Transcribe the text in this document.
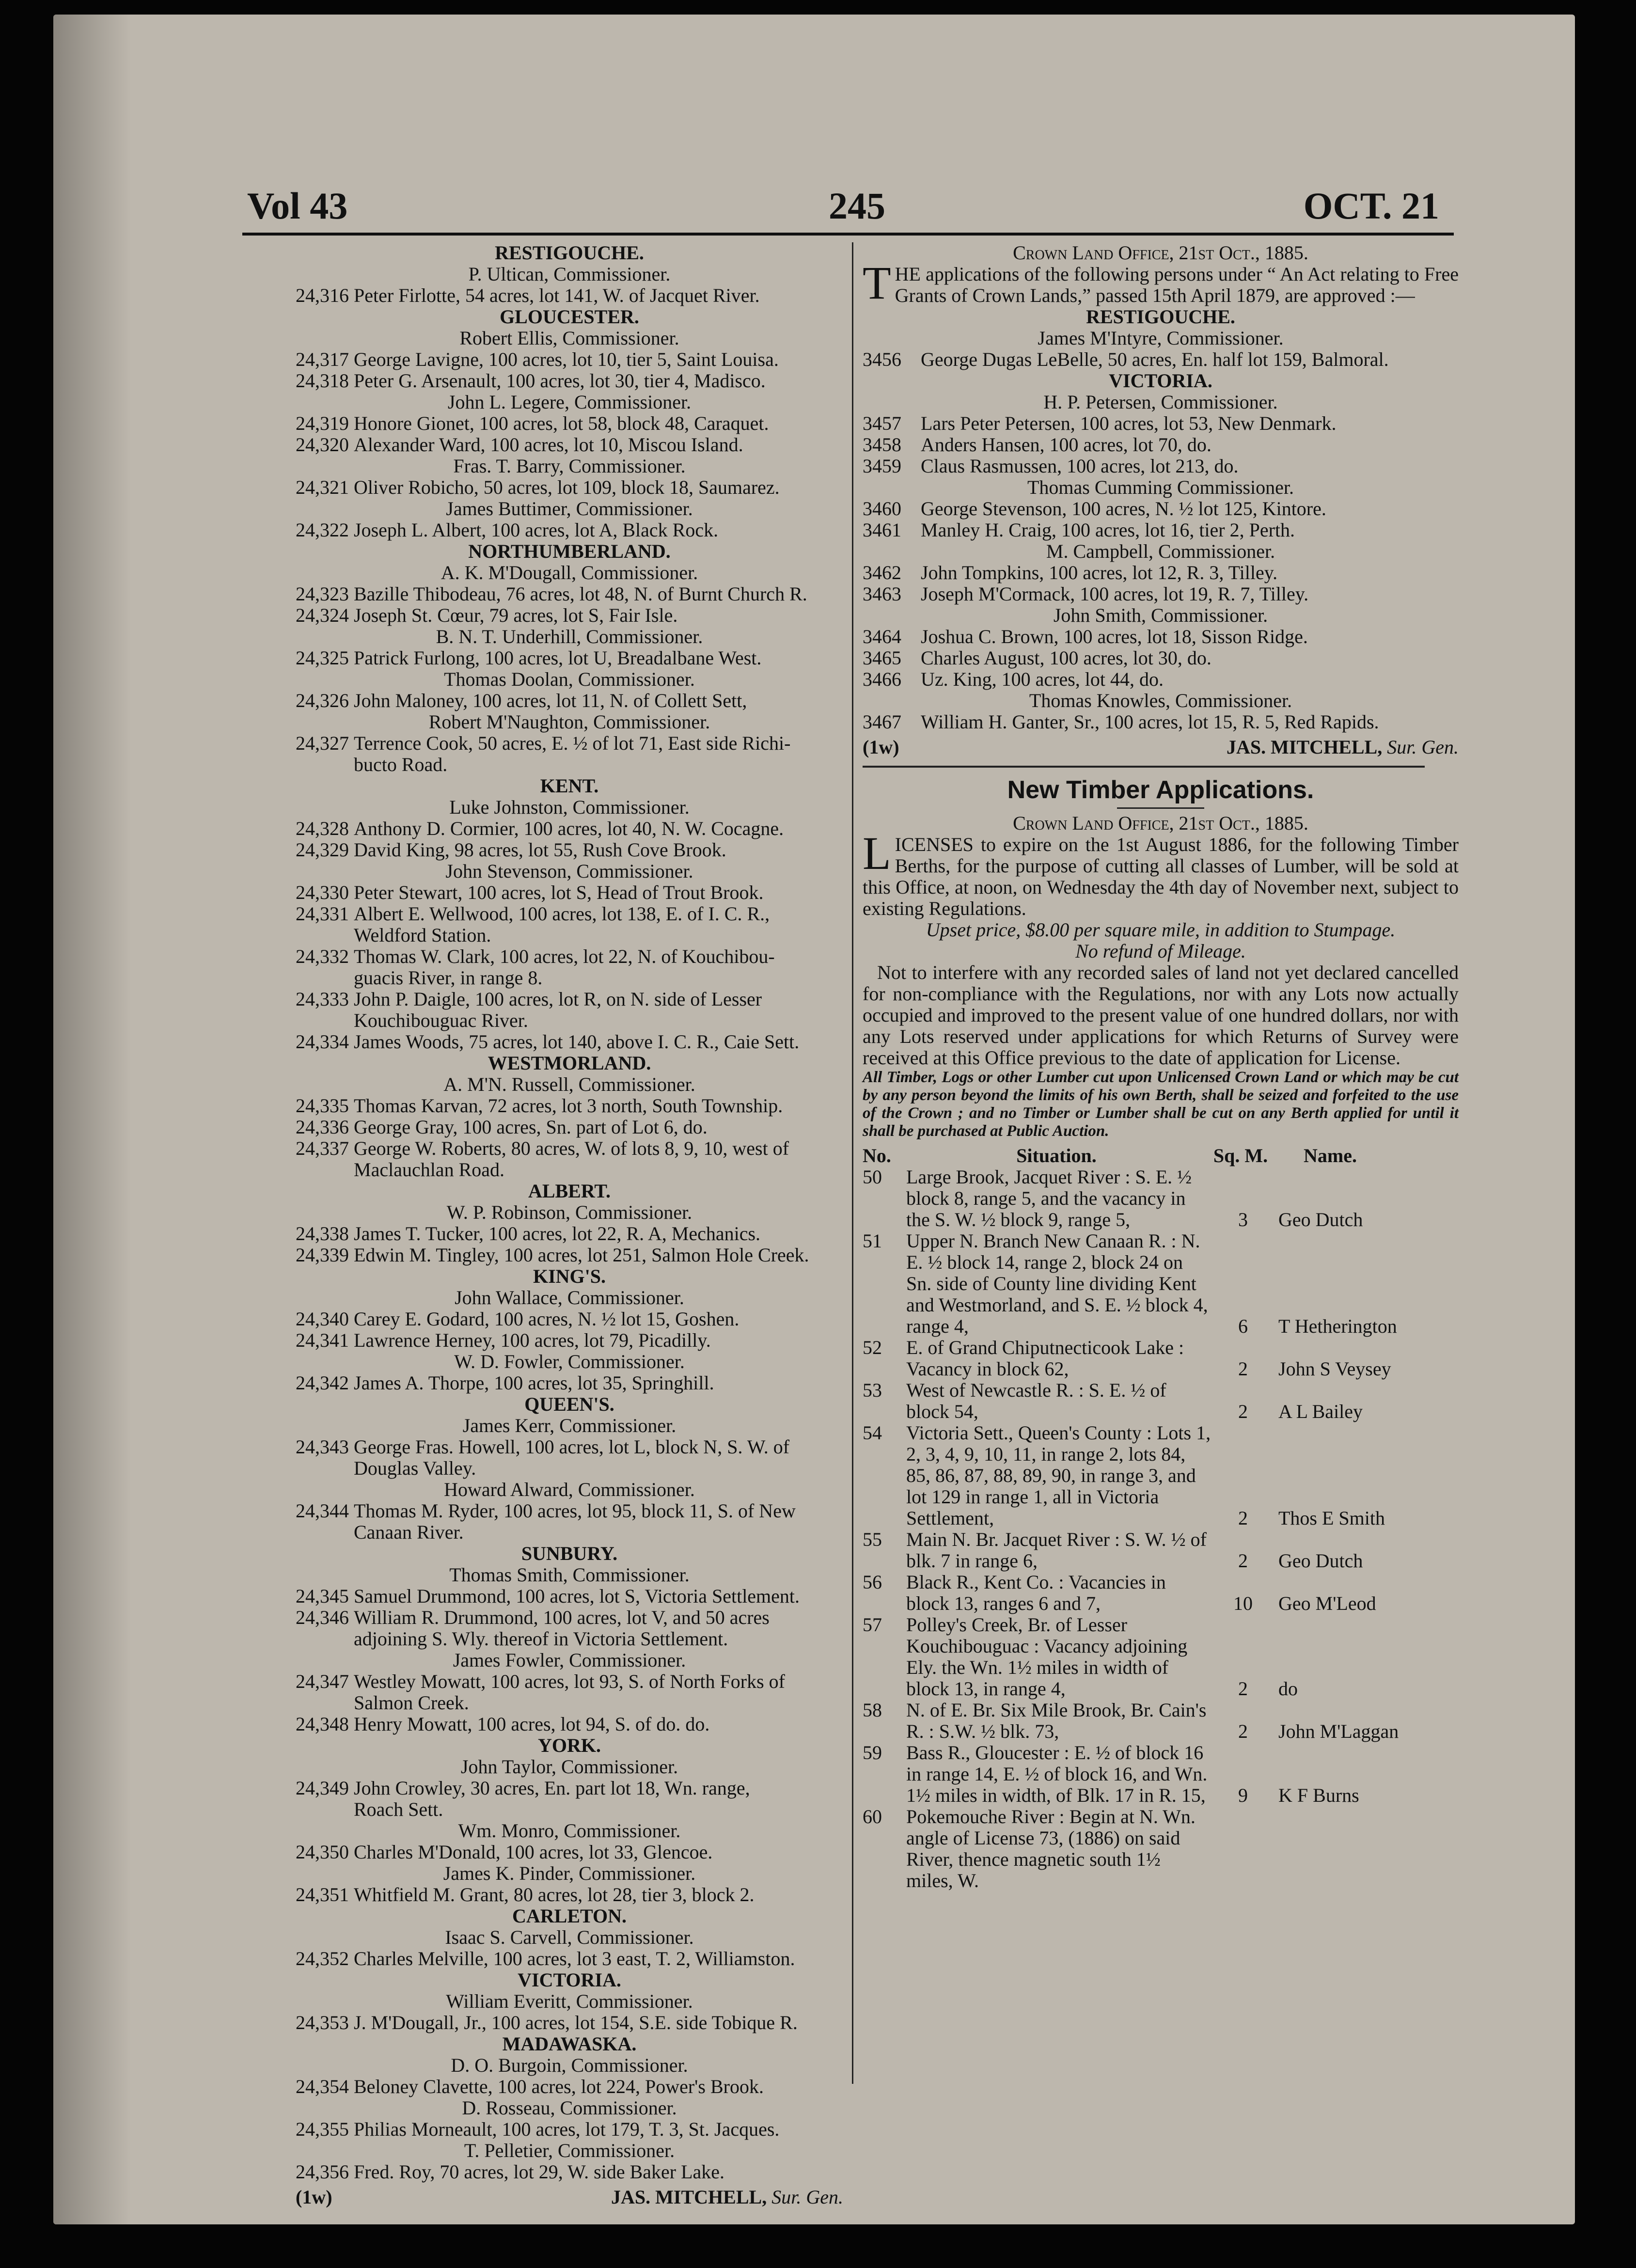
Vol 43	245	OCT. 21
RESTIGOUCHE.
P. Ultican, Commissioner.
24,316 Peter Firlotte, 54 acres, lot 141, W. of Jacquet River.
GLOUCESTER.
Robert Ellis, Commissioner.
24,317 George Lavigne, 100 acres, lot 10, tier 5, Saint Louisa.
24,318 Peter G. Arsenault, 100 acres, lot 30, tier 4, Madisco.
John L. Legere, Commissioner.
24,319 Honore Gionet, 100 acres, lot 58, block 48, Caraquet.
24,320 Alexander Ward, 100 acres, lot 10, Miscou Island.
Fras. T. Barry, Commissioner.
24,321 Oliver Robicho, 50 acres, lot 109, block 18, Saumarez.
James Buttimer, Commissioner.
24,322 Joseph L. Albert, 100 acres, lot A, Black Rock.
NORTHUMBERLAND.
A. K. M'Dougall, Commissioner.
24,323 Bazille Thibodeau, 76 acres, lot 48, N. of Burnt Church R.
24,324 Joseph St. Cœur, 79 acres, lot S, Fair Isle.
B. N. T. Underhill, Commissioner.
24,325 Patrick Furlong, 100 acres, lot U, Breadalbane West.
Thomas Doolan, Commissioner.
24,326 John Maloney, 100 acres, lot 11, N. of Collett Sett,
Robert M'Naughton, Commissioner.
24,327 Terrence Cook, 50 acres, E. ½ of lot 71, East side Richi-
bucto Road.
KENT.
Luke Johnston, Commissioner.
24,328 Anthony D. Cormier, 100 acres, lot 40, N. W. Cocagne.
24,329 David King, 98 acres, lot 55, Rush Cove Brook.
John Stevenson, Commissioner.
24,330 Peter Stewart, 100 acres, lot S, Head of Trout Brook.
24,331 Albert E. Wellwood, 100 acres, lot 138, E. of I. C. R.,
Weldford Station.
24,332 Thomas W. Clark, 100 acres, lot 22, N. of Kouchibou-
guacis River, in range 8.
24,333 John P. Daigle, 100 acres, lot R, on N. side of Lesser
Kouchibouguac River.
24,334 James Woods, 75 acres, lot 140, above I. C. R., Caie Sett.
WESTMORLAND.
A. M'N. Russell, Commissioner.
24,335 Thomas Karvan, 72 acres, lot 3 north, South Township.
24,336 George Gray, 100 acres, Sn. part of Lot 6, do.
24,337 George W. Roberts, 80 acres, W. of lots 8, 9, 10, west of
Maclauchlan Road.
ALBERT.
W. P. Robinson, Commissioner.
24,338 James T. Tucker, 100 acres, lot 22, R. A, Mechanics.
24,339 Edwin M. Tingley, 100 acres, lot 251, Salmon Hole Creek.
KING'S.
John Wallace, Commissioner.
24,340 Carey E. Godard, 100 acres, N. ½ lot 15, Goshen.
24,341 Lawrence Herney, 100 acres, lot 79, Picadilly.
W. D. Fowler, Commissioner.
24,342 James A. Thorpe, 100 acres, lot 35, Springhill.
QUEEN'S.
James Kerr, Commissioner.
24,343 George Fras. Howell, 100 acres, lot L, block N, S. W. of
Douglas Valley.
Howard Alward, Commissioner.
24,344 Thomas M. Ryder, 100 acres, lot 95, block 11, S. of New
Canaan River.
SUNBURY.
Thomas Smith, Commissioner.
24,345 Samuel Drummond, 100 acres, lot S, Victoria Settlement.
24,346 William R. Drummond, 100 acres, lot V, and 50 acres
adjoining S. Wly. thereof in Victoria Settlement.
James Fowler, Commissioner.
24,347 Westley Mowatt, 100 acres, lot 93, S. of North Forks of
Salmon Creek.
24,348 Henry Mowatt, 100 acres, lot 94, S. of do. do.
YORK.
John Taylor, Commissioner.
24,349 John Crowley, 30 acres, En. part lot 18, Wn. range,
Roach Sett.
Wm. Monro, Commissioner.
24,350 Charles M'Donald, 100 acres, lot 33, Glencoe.
James K. Pinder, Commissioner.
24,351 Whitfield M. Grant, 80 acres, lot 28, tier 3, block 2.
CARLETON.
Isaac S. Carvell, Commissioner.
24,352 Charles Melville, 100 acres, lot 3 east, T. 2, Williamston.
VICTORIA.
William Everitt, Commissioner.
24,353 J. M'Dougall, Jr., 100 acres, lot 154, S.E. side Tobique R.
MADAWASKA.
D. O. Burgoin, Commissioner.
24,354 Beloney Clavette, 100 acres, lot 224, Power's Brook.
D. Rosseau, Commissioner.
24,355 Philias Morneault, 100 acres, lot 179, T. 3, St. Jacques.
T. Pelletier, Commissioner.
24,356 Fred. Roy, 70 acres, lot 29, W. side Baker Lake.
(1w)	JAS. MITCHELL, Sur. Gen.
Crown Land Office, 21st Oct., 1885.
THE applications of the following persons under “ An Act relating to Free Grants of Crown Lands,” passed 15th April 1879, are approved :—
RESTIGOUCHE.
James M'Intyre, Commissioner.
3456	George Dugas LeBelle, 50 acres, En. half lot 159, Balmoral.
VICTORIA.
H. P. Petersen, Commissioner.
3457	Lars Peter Petersen, 100 acres, lot 53, New Denmark.
3458	Anders Hansen, 100 acres, lot 70, do.
3459	Claus Rasmussen, 100 acres, lot 213, do.
Thomas Cumming Commissioner.
3460	George Stevenson, 100 acres, N. ½ lot 125, Kintore.
3461	Manley H. Craig, 100 acres, lot 16, tier 2, Perth.
M. Campbell, Commissioner.
3462	John Tompkins, 100 acres, lot 12, R. 3, Tilley.
3463	Joseph M'Cormack, 100 acres, lot 19, R. 7, Tilley.
John Smith, Commissioner.
3464	Joshua C. Brown, 100 acres, lot 18, Sisson Ridge.
3465	Charles August, 100 acres, lot 30, do.
3466	Uz. King, 100 acres, lot 44, do.
Thomas Knowles, Commissioner.
3467	William H. Ganter, Sr., 100 acres, lot 15, R. 5, Red Rapids.
(1w)	JAS. MITCHELL, Sur. Gen.
New Timber Applications.
Crown Land Office, 21st Oct., 1885.
LICENSES to expire on the 1st August 1886, for the following Timber Berths, for the purpose of cutting all classes of Lumber, will be sold at this Office, at noon, on Wednesday the 4th day of November next, subject to existing Regulations.
Upset price, $8.00 per square mile, in addition to Stumpage.
No refund of Mileage.
Not to interfere with any recorded sales of land not yet declared cancelled for non-compliance with the Regulations, nor with any Lots now actually occupied and improved to the present value of one hundred dollars, nor with any Lots reserved under applications for which Returns of Survey were received at this Office previous to the date of application for License.
All Timber, Logs or other Lumber cut upon Unlicensed Crown Land or which may be cut by any person beyond the limits of his own Berth, shall be seized and forfeited to the use of the Crown ; and no Timber or Lumber shall be cut on any Berth applied for until it shall be purchased at Public Auction.
No.	Situation.	Sq. M.	Name.
50	Large Brook, Jacquet River : S. E. ½ block 8, range 5, and the vacancy in the S. W. ½ block 9, range 5,	3	Geo Dutch
51	Upper N. Branch New Canaan R. : N. E. ½ block 14, range 2, block 24 on Sn. side of County line dividing Kent and Westmorland, and S. E. ½ block 4, range 4,	6	T Hetherington
52	E. of Grand Chiputnecticook Lake : Vacancy in block 62,	2	John S Veysey
53	West of Newcastle R. : S. E. ½ of block 54,	2	A L Bailey
54	Victoria Sett., Queen's County : Lots 1, 2, 3, 4, 9, 10, 11, in range 2, lots 84, 85, 86, 87, 88, 89, 90, in range 3, and lot 129 in range 1, all in Victoria Settlement,	2	Thos E Smith
55	Main N. Br. Jacquet River : S. W. ½ of blk. 7 in range 6,	2	Geo Dutch
56	Black R., Kent Co. : Vacancies in block 13, ranges 6 and 7,	10	Geo M'Leod
57	Polley's Creek, Br. of Lesser Kouchibouguac : Vacancy adjoining Ely. the Wn. 1½ miles in width of block 13, in range 4,	2	do
58	N. of E. Br. Six Mile Brook, Br. Cain's R. : S.W. ½ blk. 73,	2	John M'Laggan
59	Bass R., Gloucester : E. ½ of block 16 in range 14, E. ½ of block 16, and Wn. 1½ miles in width, of Blk. 17 in R. 15,	9	K F Burns
60	Pokemouche River : Begin at N. Wn. angle of License 73, (1886) on said River, thence magnetic south 1½ miles, W.
